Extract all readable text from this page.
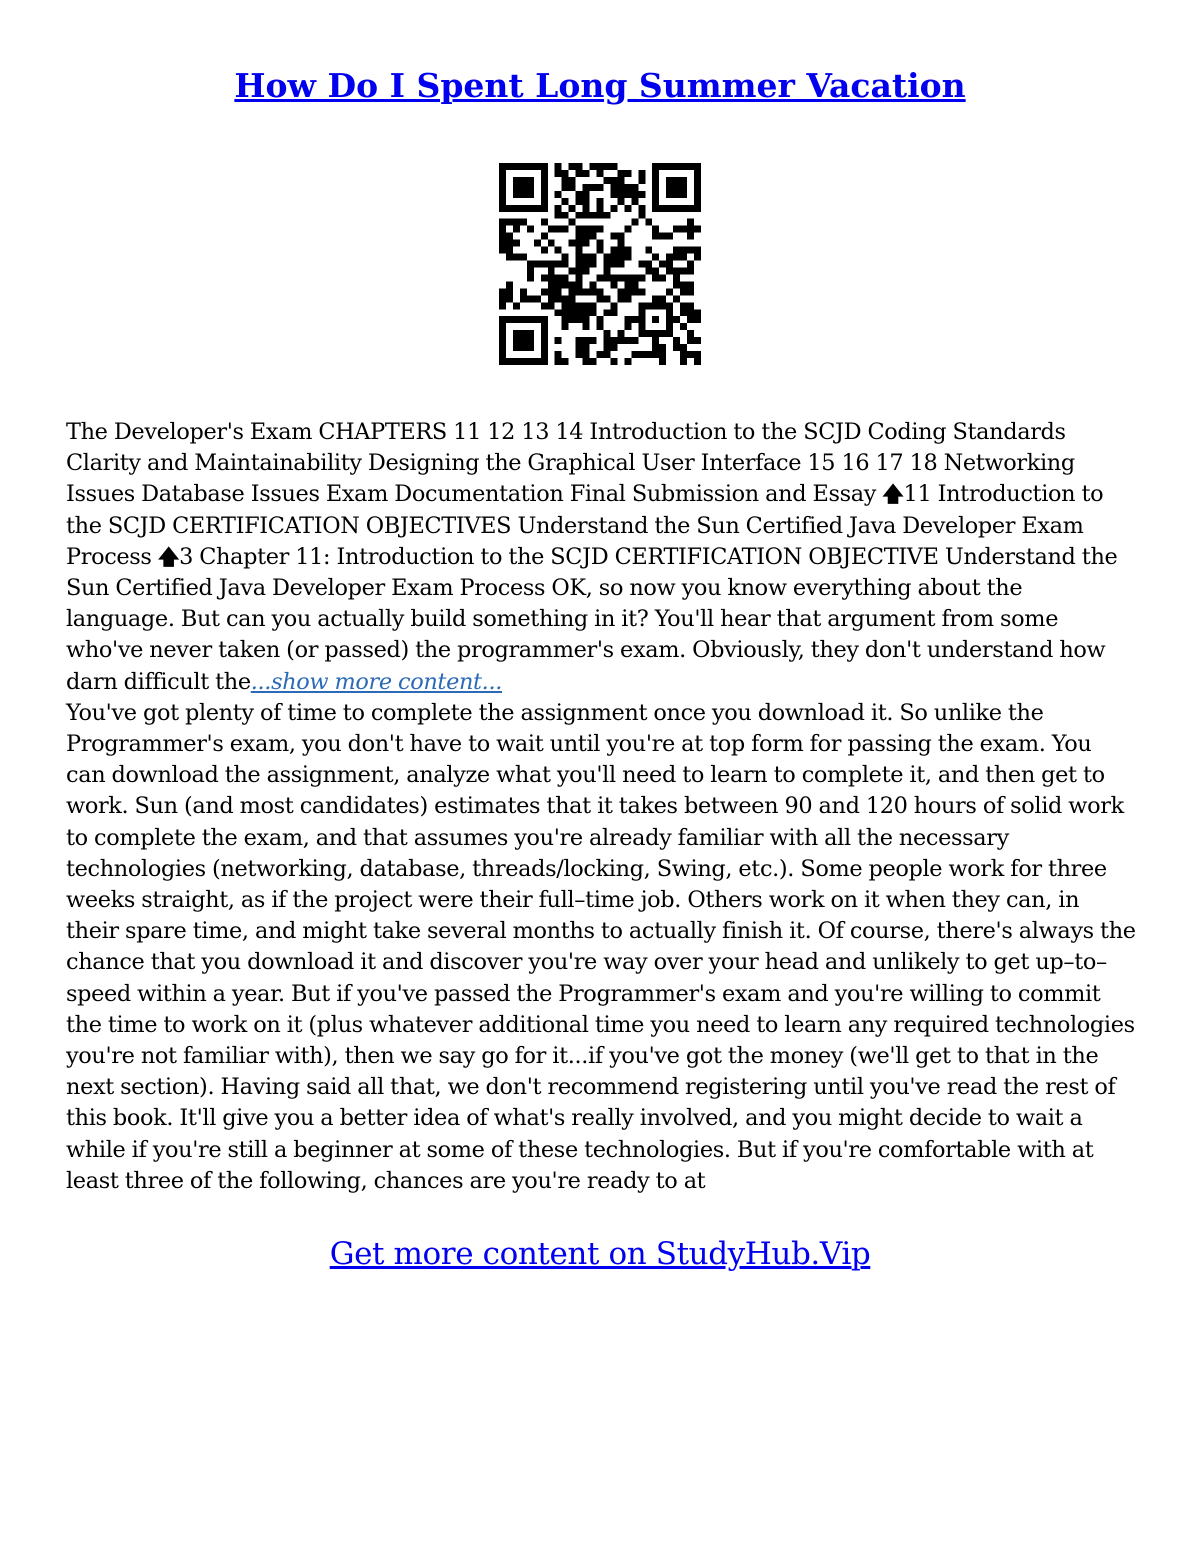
How Do I Spent Long Summer Vacation

The Developer's Exam CHAPTERS 11 12 13 14 Introduction to the SCJD Coding Standards Clarity and Maintainability Designing the Graphical User Interface 15 16 17 18 Networking Issues Database Issues Exam Documentation Final Submission and Essay 🡅11 Introduction to the SCJD CERTIFICATION OBJECTIVES Understand the Sun Certified Java Developer Exam Process 🡅3 Chapter 11: Introduction to the SCJD CERTIFICATION OBJECTIVE Understand the Sun Certified Java Developer Exam Process OK, so now you know everything about the language. But can you actually build something in it? You'll hear that argument from some who've never taken (or passed) the programmer's exam. Obviously, they don't understand how darn difficult the...show more content...

You've got plenty of time to complete the assignment once you download it. So unlike the Programmer's exam, you don't have to wait until you're at top form for passing the exam. You can download the assignment, analyze what you'll need to learn to complete it, and then get to work. Sun (and most candidates) estimates that it takes between 90 and 120 hours of solid work to complete the exam, and that assumes you're already familiar with all the necessary technologies (networking, database, threads/locking, Swing, etc.). Some people work for three weeks straight, as if the project were their full–time job. Others work on it when they can, in their spare time, and might take several months to actually finish it. Of course, there's always the chance that you download it and discover you're way over your head and unlikely to get up–to–speed within a year. But if you've passed the Programmer's exam and you're willing to commit the time to work on it (plus whatever additional time you need to learn any required technologies you're not familiar with), then we say go for it...if you've got the money (we'll get to that in the next section). Having said all that, we don't recommend registering until you've read the rest of this book. It'll give you a better idea of what's really involved, and you might decide to wait a while if you're still a beginner at some of these technologies. But if you're comfortable with at least three of the following, chances are you're ready to at

Get more content on StudyHub.Vip
